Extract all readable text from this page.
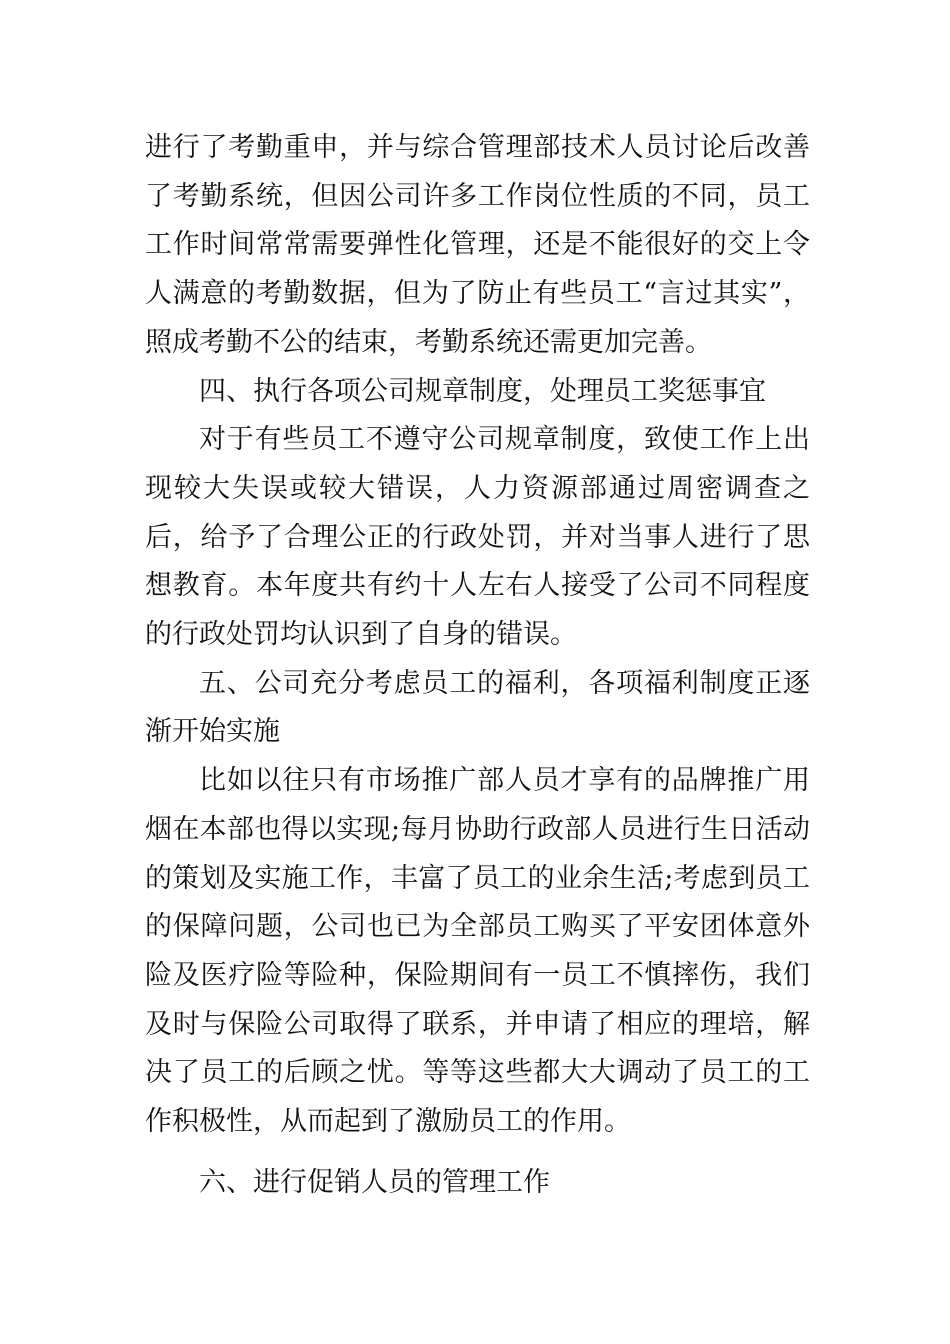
进行了考勤重申，并与综合管理部技术人员讨论后改善了考勤系统，但因公司许多工作岗位性质的不同，员工工作时间常常需要弹性化管理，还是不能很好的交上令人满意的考勤数据，但为了防止有些员工“言过其实”，照成考勤不公的结束，考勤系统还需更加完善。

四、执行各项公司规章制度，处理员工奖惩事宜

对于有些员工不遵守公司规章制度，致使工作上出现较大失误或较大错误，人力资源部通过周密调查之后，给予了合理公正的行政处罚，并对当事人进行了思想教育。本年度共有约十人左右人接受了公司不同程度的行政处罚均认识到了自身的错误。

五、公司充分考虑员工的福利，各项福利制度正逐渐开始实施

比如以往只有市场推广部人员才享有的品牌推广用烟在本部也得以实现;每月协助行政部人员进行生日活动的策划及实施工作，丰富了员工的业余生活;考虑到员工的保障问题，公司也已为全部员工购买了平安团体意外险及医疗险等险种，保险期间有一员工不慎摔伤，我们及时与保险公司取得了联系，并申请了相应的理培，解决了员工的后顾之忧。等等这些都大大调动了员工的工作积极性，从而起到了激励员工的作用。

六、进行促销人员的管理工作
